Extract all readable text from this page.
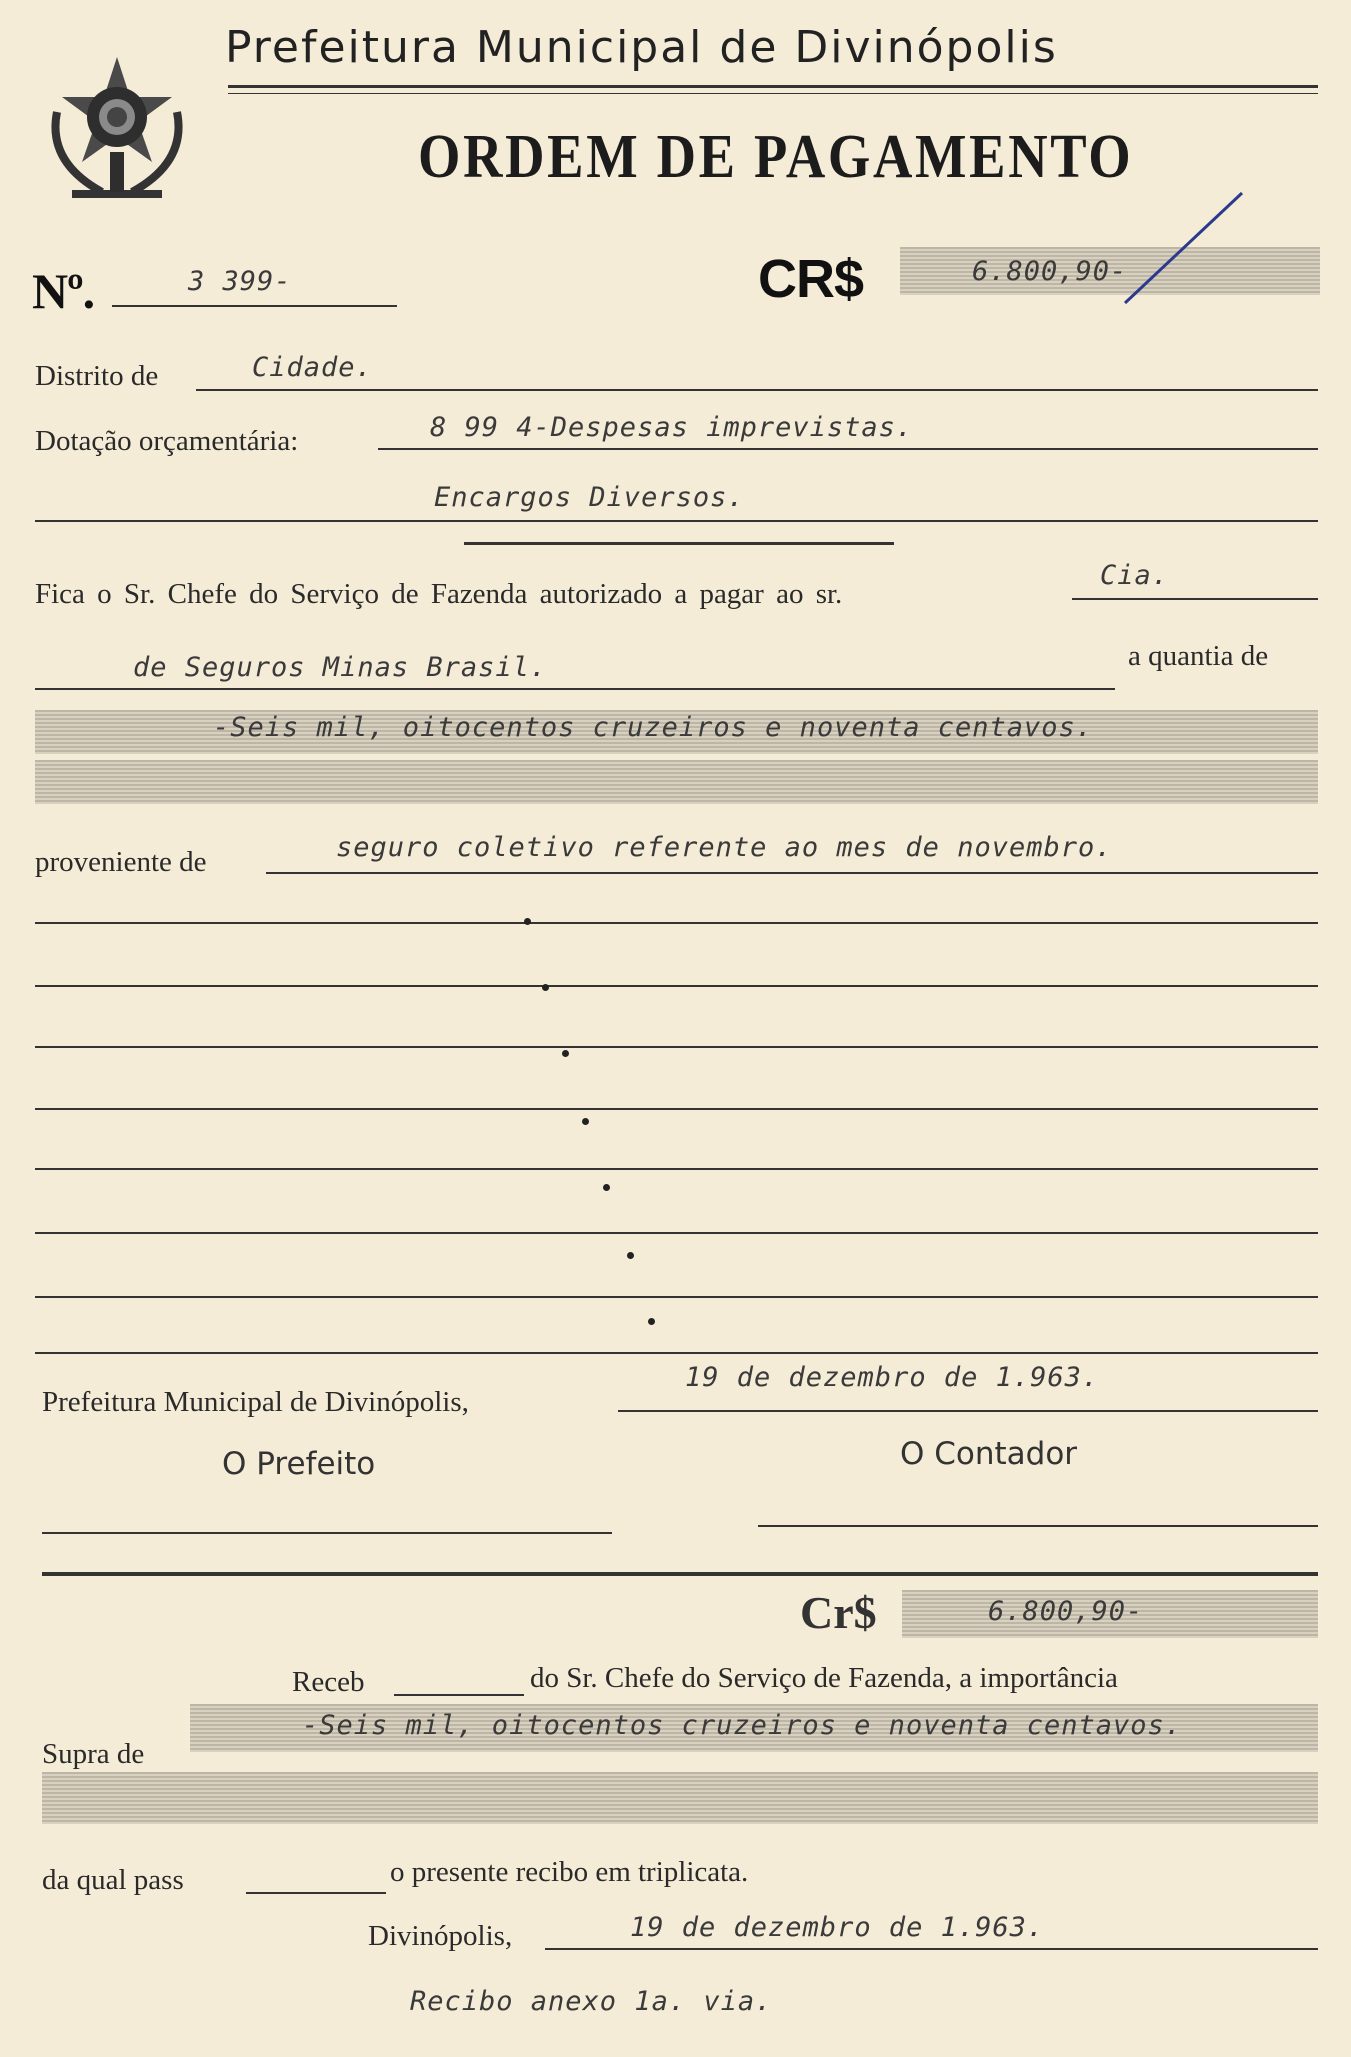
Prefeitura Municipal de Divinópolis
ORDEM DE PAGAMENTO
Nº.	3 399-	CR$	6.800,90-
Distrito de	Cidade.
Dotação orçamentária:	8 99 4-Despesas imprevistas.
Encargos Diversos.
Fica o Sr. Chefe do Serviço de Fazenda autorizado a pagar ao sr.
Cia.
de Seguros Minas Brasil.	a quantia de
-Seis mil, oitocentos cruzeiros e noventa centavos.
proveniente de	seguro coletivo referente ao mes de novembro.
Prefeitura Municipal de Divinópolis,
19 de dezembro de 1.963.
O Prefeito	O Contador
Cr$	6.800,90-
Receb	do Sr. Chefe do Serviço de Fazenda, a importância
Supra de
-Seis mil, oitocentos cruzeiros e noventa centavos.
da qual pass	o presente recibo em triplicata.
Divinópolis,	19 de dezembro de 1.963.
Recibo anexo 1a. via.
